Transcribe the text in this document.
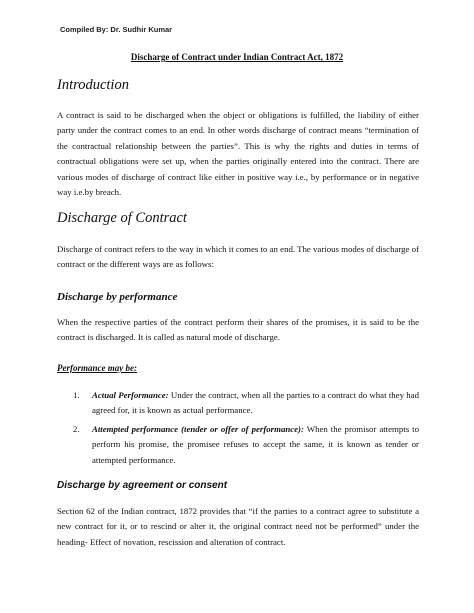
Compiled By: Dr. Sudhir Kumar
Discharge of Contract under Indian Contract Act, 1872
Introduction
A contract is said to be discharged when the object or obligations is fulfilled, the liability of either party under the contract comes to an end. In other words discharge of contract means “termination of the contractual relationship between the parties”. This is why the rights and duties in terms of contractual obligations were set up, when the parties originally entered into the contract. There are various modes of discharge of contract like either in positive way i.e., by performance or in negative way i.e.by breach.
Discharge of Contract
Discharge of contract refers to the way in which it comes to an end. The various modes of discharge of contract or the different ways are as follows:
Discharge by performance
When the respective parties of the contract perform their shares of the promises, it is said to be the contract is discharged. It is called as natural mode of discharge.
Performance may be:
1. Actual Performance: Under the contract, when all the parties to a contract do what they had agreed for, it is known as actual performance.
2. Attempted performance (tender or offer of performance): When the promisor attempts to perform his promise, the promisee refuses to accept the same, it is known as tender or attempted performance.
Discharge by agreement or consent
Section 62 of the Indian contract, 1872 provides that “if the parties to a contract agree to substitute a new contract for it, or to rescind or alter it, the original contract need not be performed” under the heading- Effect of novation, rescission and alteration of contract.
